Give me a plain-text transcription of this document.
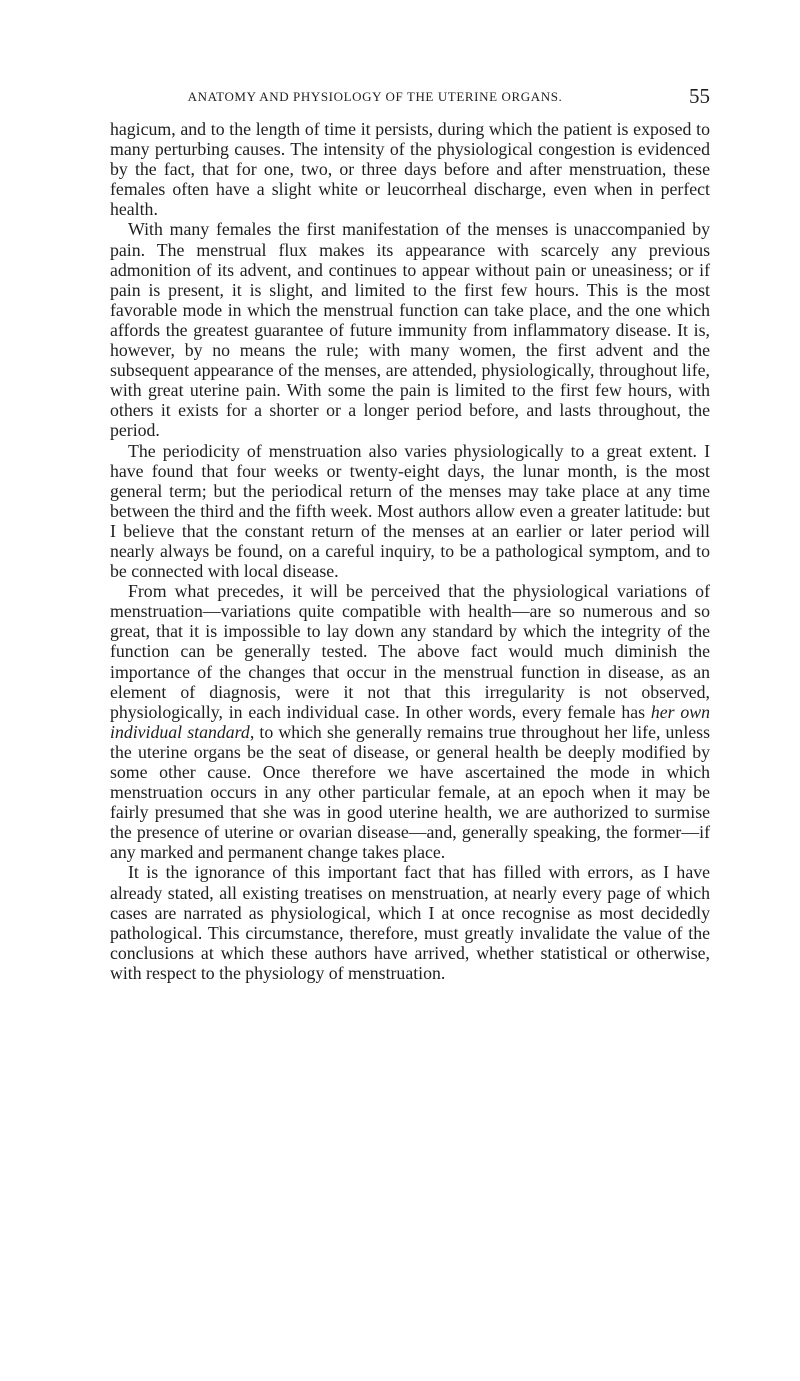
ANATOMY AND PHYSIOLOGY OF THE UTERINE ORGANS.	55

hagicum, and to the length of time it persists, during which the patient is exposed to many perturbing causes. The intensity of the physiological congestion is evidenced by the fact, that for one, two, or three days before and after menstruation, these females often have a slight white or leucorrheal discharge, even when in perfect health.

With many females the first manifestation of the menses is unaccompanied by pain. The menstrual flux makes its appearance with scarcely any previous admonition of its advent, and continues to appear without pain or uneasiness; or if pain is present, it is slight, and limited to the first few hours. This is the most favorable mode in which the menstrual function can take place, and the one which affords the greatest guarantee of future immunity from inflammatory disease. It is, however, by no means the rule; with many women, the first advent and the subsequent appearance of the menses, are attended, physiologically, throughout life, with great uterine pain. With some the pain is limited to the first few hours, with others it exists for a shorter or a longer period before, and lasts throughout, the period.

The periodicity of menstruation also varies physiologically to a great extent. I have found that four weeks or twenty-eight days, the lunar month, is the most general term; but the periodical return of the menses may take place at any time between the third and the fifth week. Most authors allow even a greater latitude: but I believe that the constant return of the menses at an earlier or later period will nearly always be found, on a careful inquiry, to be a pathological symptom, and to be connected with local disease.

From what precedes, it will be perceived that the physiological variations of menstruation—variations quite compatible with health—are so numerous and so great, that it is impossible to lay down any standard by which the integrity of the function can be generally tested. The above fact would much diminish the importance of the changes that occur in the menstrual function in disease, as an element of diagnosis, were it not that this irregularity is not observed, physiologically, in each individual case. In other words, every female has her own individual standard, to which she generally remains true throughout her life, unless the uterine organs be the seat of disease, or general health be deeply modified by some other cause. Once therefore we have ascertained the mode in which menstruation occurs in any other particular female, at an epoch when it may be fairly presumed that she was in good uterine health, we are authorized to surmise the presence of uterine or ovarian disease—and, generally speaking, the former—if any marked and permanent change takes place.

It is the ignorance of this important fact that has filled with errors, as I have already stated, all existing treatises on menstruation, at nearly every page of which cases are narrated as physiological, which I at once recognise as most decidedly pathological. This circumstance, therefore, must greatly invalidate the value of the conclusions at which these authors have arrived, whether statistical or otherwise, with respect to the physiology of menstruation.
